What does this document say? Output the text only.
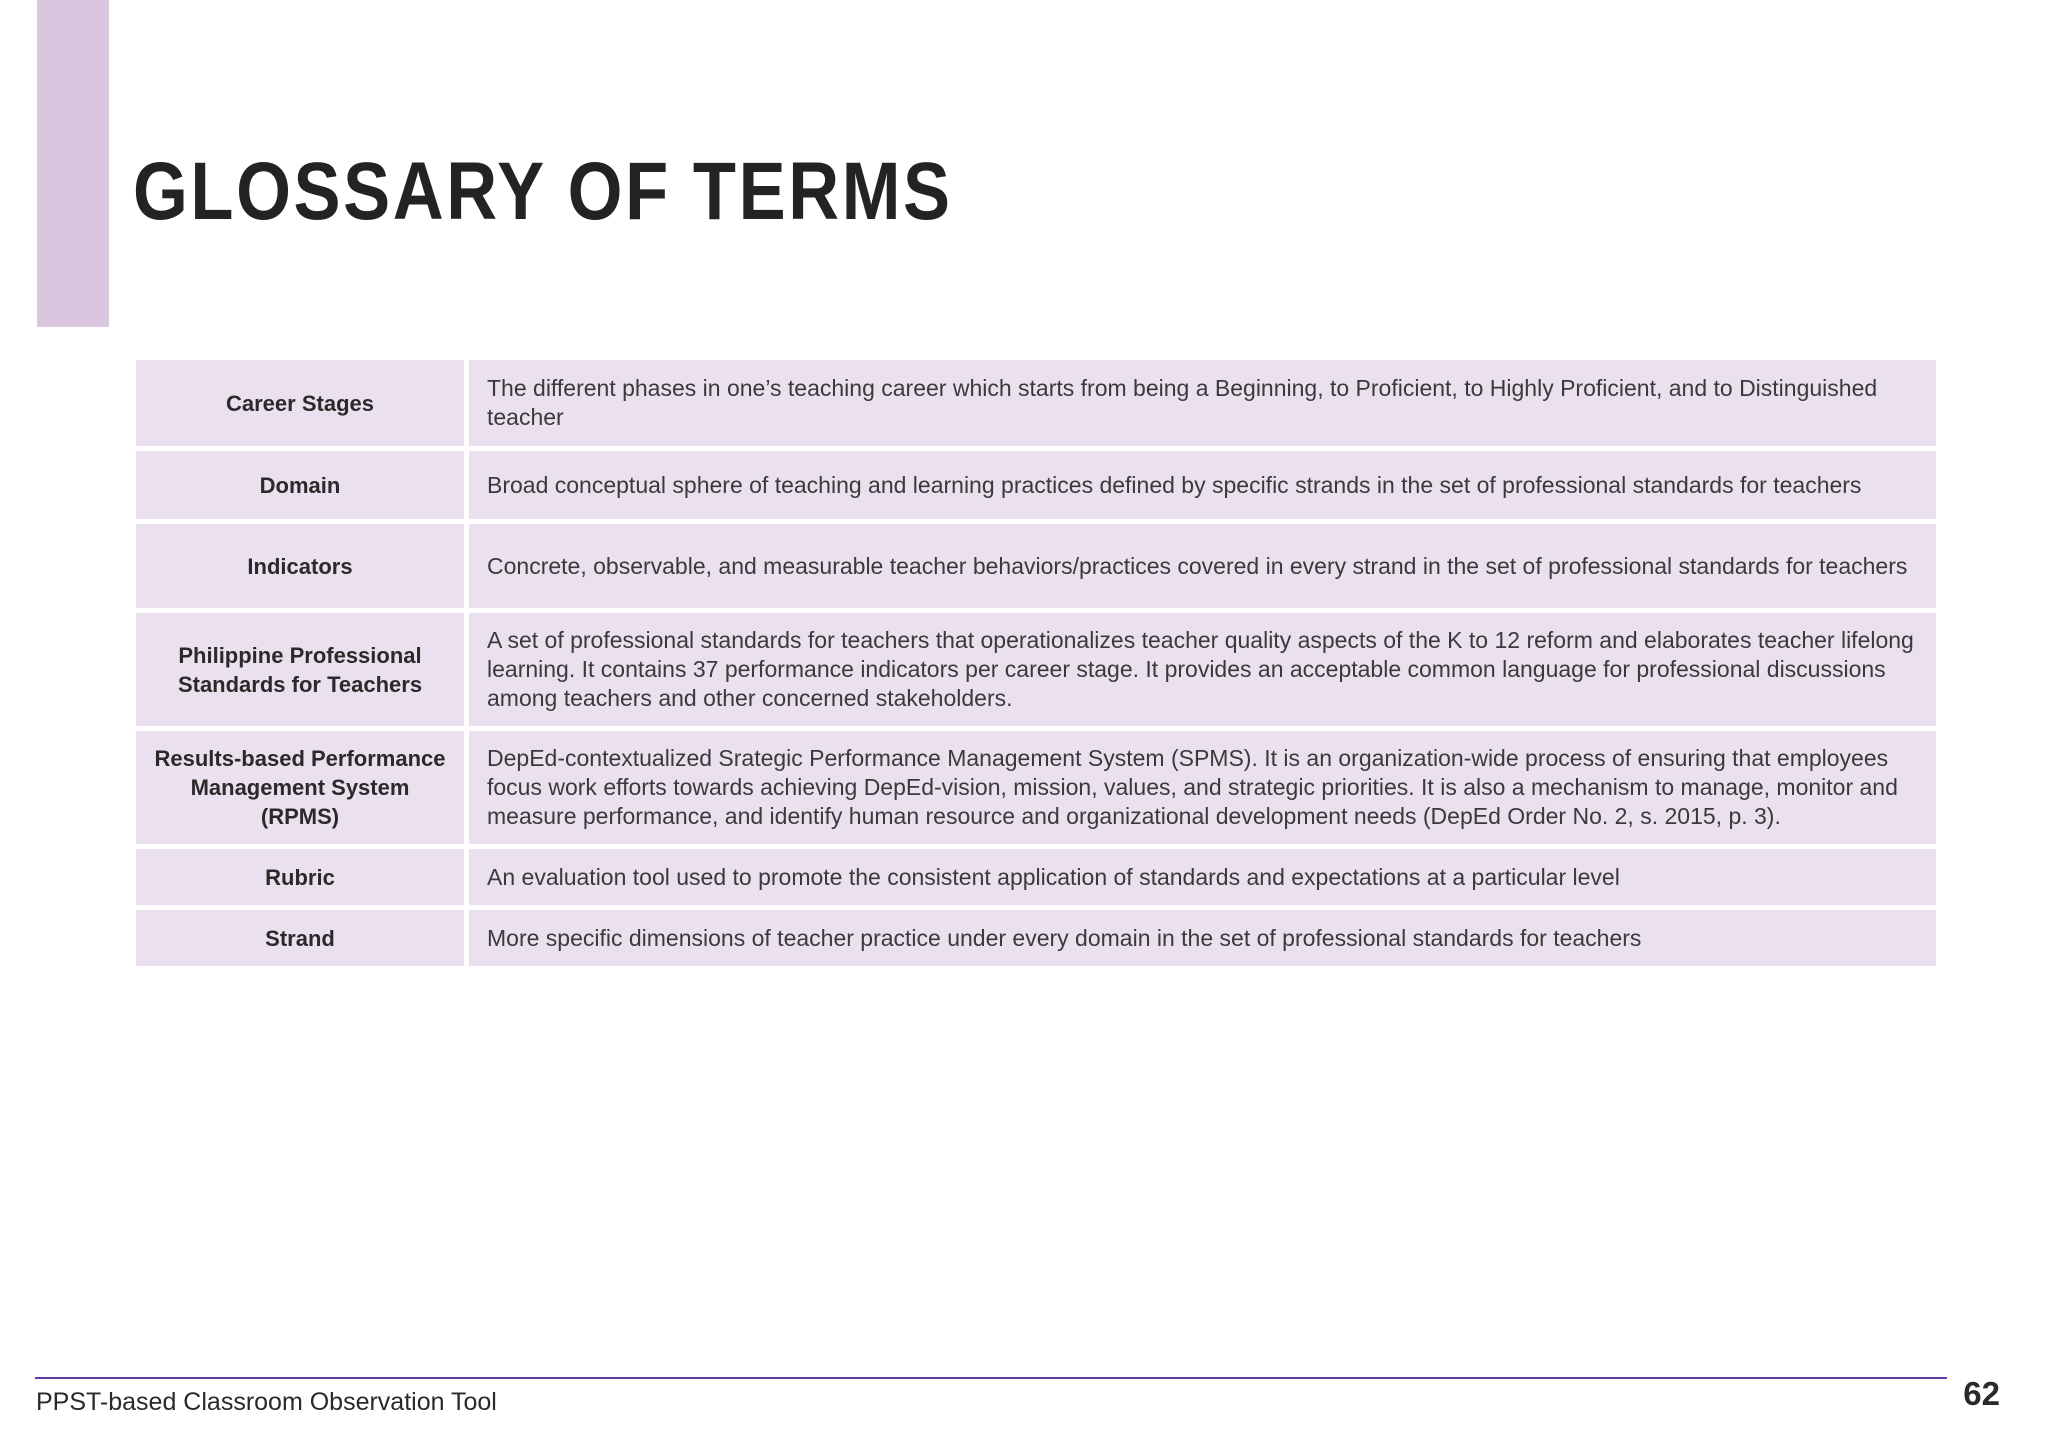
GLOSSARY OF TERMS
Career Stages	The different phases in one’s teaching career which starts from being a Beginning, to Proficient, to Highly Proficient, and to Distinguished teacher
Domain	Broad conceptual sphere of teaching and learning practices defined by specific strands in the set of professional standards for teachers
Indicators	Concrete, observable, and measurable teacher behaviors/practices covered in every strand in the set of professional standards for teachers
Philippine Professional Standards for Teachers	A set of professional standards for teachers that operationalizes teacher quality aspects of the K to 12 reform and elaborates teacher lifelong learning. It contains 37 performance indicators per career stage. It provides an acceptable common language for professional discussions among teachers and other concerned stakeholders.
Results-based Performance Management System (RPMS)	DepEd-contextualized Srategic Performance Management System (SPMS). It is an organization-wide process of ensuring that employees focus work efforts towards achieving DepEd-vision, mission, values, and strategic priorities. It is also a mechanism to manage, monitor and measure performance, and identify human resource and organizational development needs (DepEd Order No. 2, s. 2015, p. 3).
Rubric	An evaluation tool used to promote the consistent application of standards and expectations at a particular level
Strand	More specific dimensions of teacher practice under every domain in the set of professional standards for teachers
PPST-based Classroom Observation Tool	62
